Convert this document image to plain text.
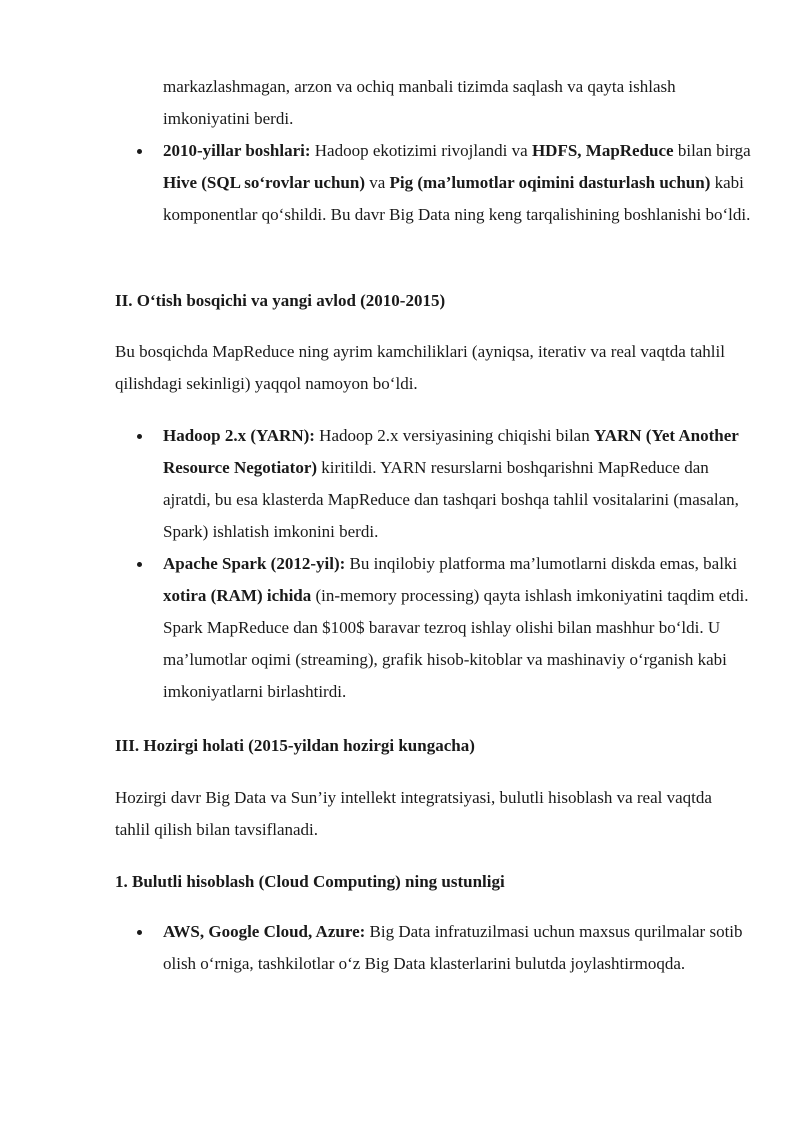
markazlashmagan, arzon va ochiq manbali tizimda saqlash va qayta ishlash imkoniyatini berdi.

2010-yillar boshlari: Hadoop ekotizimi rivojlandi va HDFS, MapReduce bilan birga Hive (SQL so‘rovlar uchun) va Pig (ma’lumotlar oqimini dasturlash uchun) kabi komponentlar qo‘shildi. Bu davr Big Data ning keng tarqalishining boshlanishi bo‘ldi.
II. O‘tish bosqichi va yangi avlod (2010-2015)

Bu bosqichda MapReduce ning ayrim kamchiliklari (ayniqsa, iterativ va real vaqtda tahlil qilishdagi sekinligi) yaqqol namoyon bo‘ldi.

Hadoop 2.x (YARN): Hadoop 2.x versiyasining chiqishi bilan YARN (Yet Another Resource Negotiator) kiritildi. YARN resurslarni boshqarishni MapReduce dan ajratdi, bu esa klasterda MapReduce dan tashqari boshqa tahlil vositalarini (masalan, Spark) ishlatish imkonini berdi.
Apache Spark (2012-yil): Bu inqilobiy platforma ma’lumotlarni diskda emas, balki xotira (RAM) ichida (in-memory processing) qayta ishlash imkoniyatini taqdim etdi. Spark MapReduce dan $100$ baravar tezroq ishlay olishi bilan mashhur bo‘ldi. U ma’lumotlar oqimi (streaming), grafik hisob-kitoblar va mashinaviy o‘rganish kabi imkoniyatlarni birlashtirdi.
III. Hozirgi holati (2015-yildan hozirgi kungacha)

Hozirgi davr Big Data va Sun’iy intellekt integratsiyasi, bulutli hisoblash va real vaqtda tahlil qilish bilan tavsiflanadi.

1. Bulutli hisoblash (Cloud Computing) ning ustunligi
AWS, Google Cloud, Azure: Big Data infratuzilmasi uchun maxsus qurilmalar sotib olish o‘rniga, tashkilotlar o‘z Big Data klasterlarini bulutda joylashtirmoqda.
